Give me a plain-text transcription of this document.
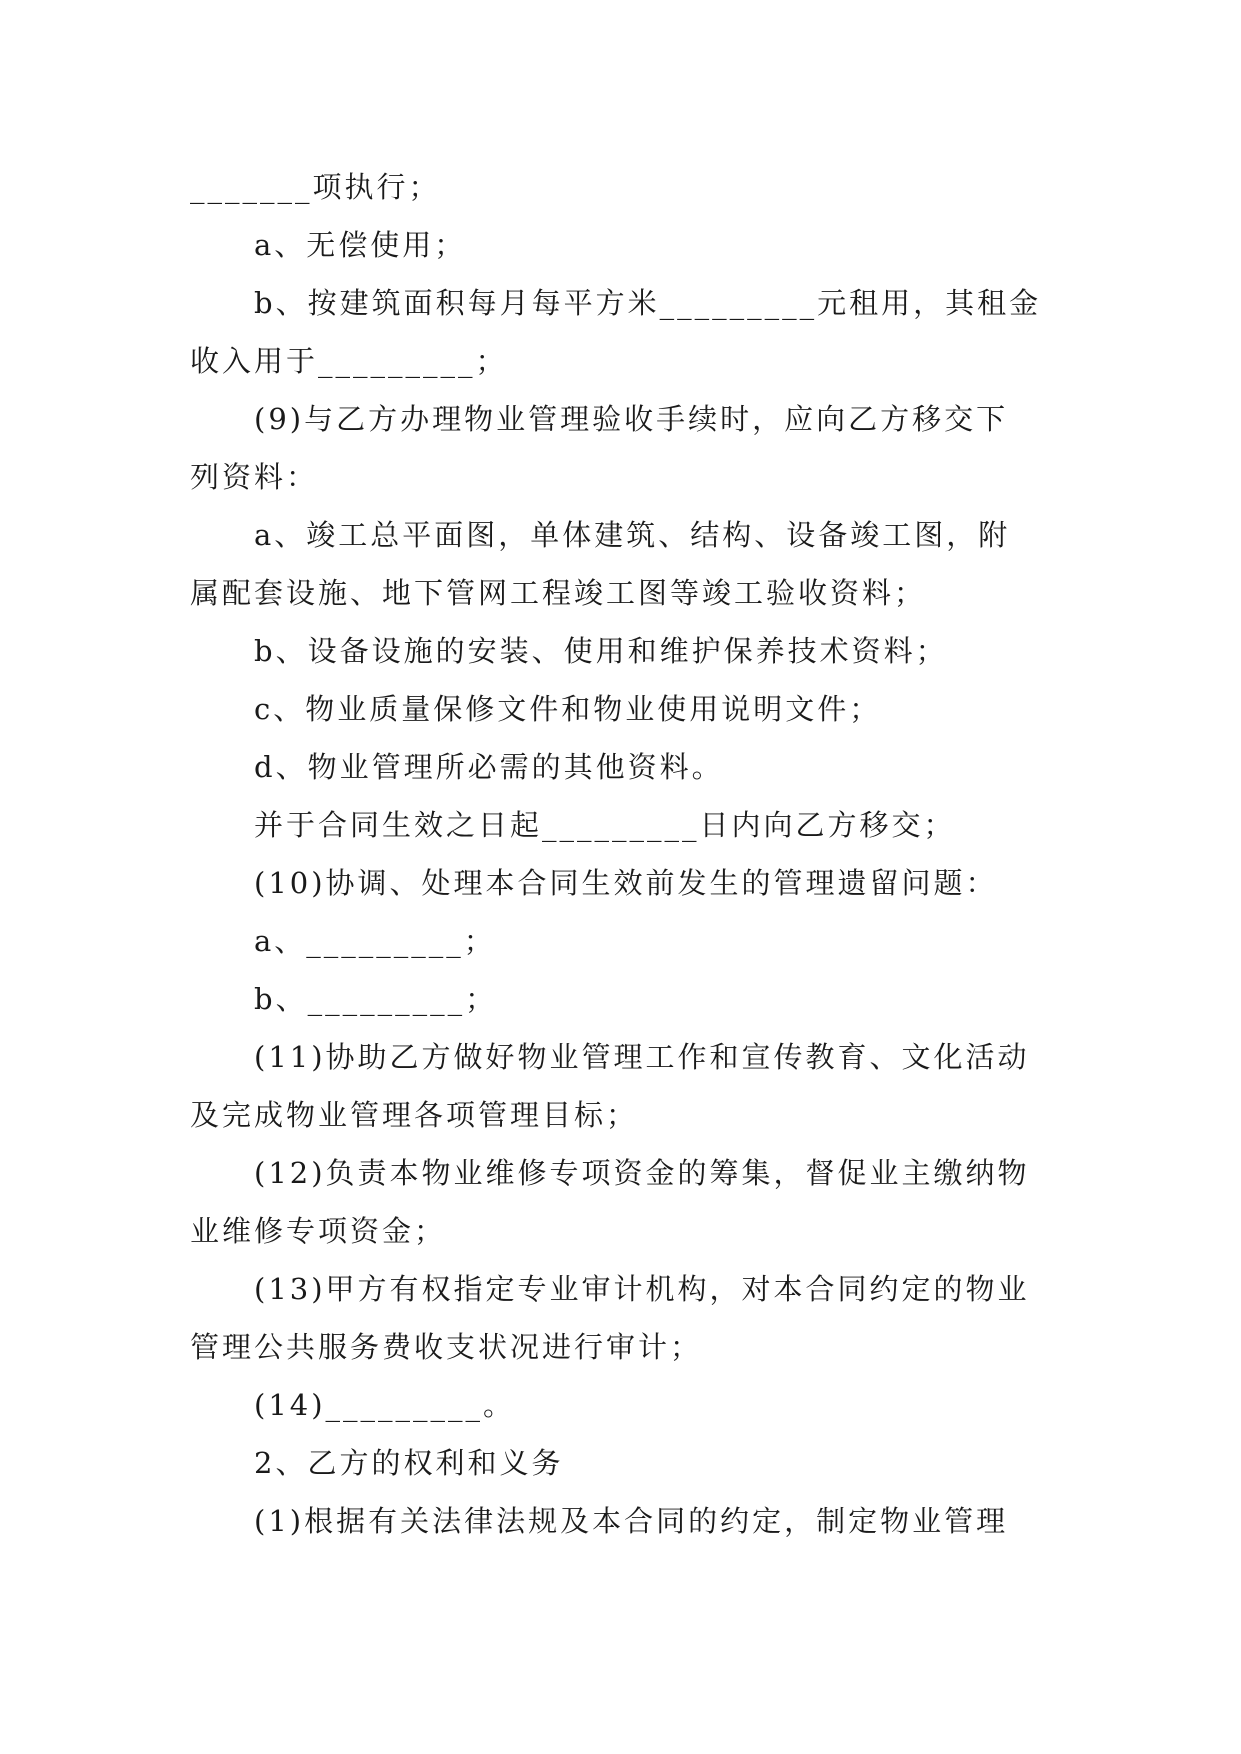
_______项执行；
a、无偿使用；
b、按建筑面积每月每平方米_________元租用，其租金
收入用于_________；
(9)与乙方办理物业管理验收手续时，应向乙方移交下
列资料：
a、竣工总平面图，单体建筑、结构、设备竣工图，附
属配套设施、地下管网工程竣工图等竣工验收资料；
b、设备设施的安装、使用和维护保养技术资料；
c、物业质量保修文件和物业使用说明文件；
d、物业管理所必需的其他资料。
并于合同生效之日起_________日内向乙方移交；
(10)协调、处理本合同生效前发生的管理遗留问题：
a、_________；
b、_________；
(11)协助乙方做好物业管理工作和宣传教育、文化活动
及完成物业管理各项管理目标；
(12)负责本物业维修专项资金的筹集，督促业主缴纳物
业维修专项资金；
(13)甲方有权指定专业审计机构，对本合同约定的物业
管理公共服务费收支状况进行审计；
(14)_________。
2、乙方的权利和义务
(1)根据有关法律法规及本合同的约定，制定物业管理
